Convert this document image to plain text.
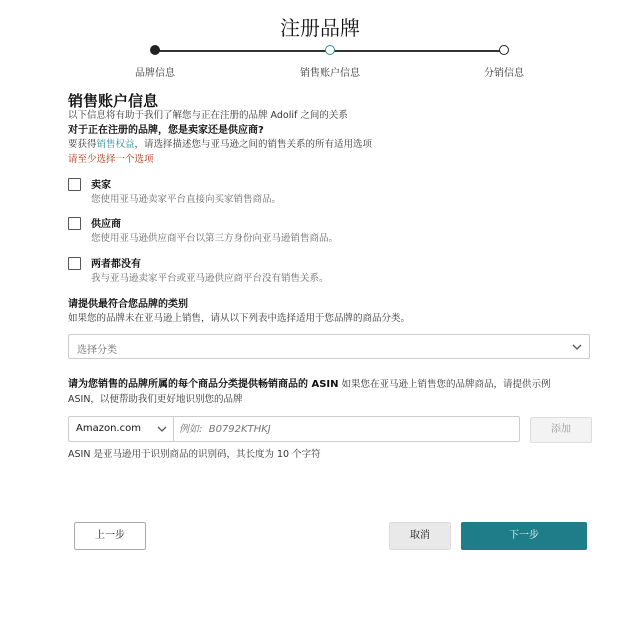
注册品牌
品牌信息	销售账户信息	分销信息
销售账户信息
以下信息将有助于我们了解您与正在注册的品牌 Adolif 之间的关系
对于正在注册的品牌，您是卖家还是供应商?
要获得销售权益，请选择描述您与亚马逊之间的销售关系的所有适用选项
请至少选择一个选项
卖家
您使用亚马逊卖家平台直接向买家销售商品。
供应商
您使用亚马逊供应商平台以第三方身份向亚马逊销售商品。
两者都没有
我与亚马逊卖家平台或亚马逊供应商平台没有销售关系。
请提供最符合您品牌的类别
如果您的品牌未在亚马逊上销售，请从以下列表中选择适用于您品牌的商品分类。
选择分类
请为您销售的品牌所属的每个商品分类提供畅销商品的 ASIN 如果您在亚马逊上销售您的品牌商品，请提供示例
ASIN，以便帮助我们更好地识别您的品牌
Amazon.com
例如: B0792KTHKJ	添加
ASIN 是亚马逊用于识别商品的识别码，其长度为 10 个字符
上一步	取消	下一步
